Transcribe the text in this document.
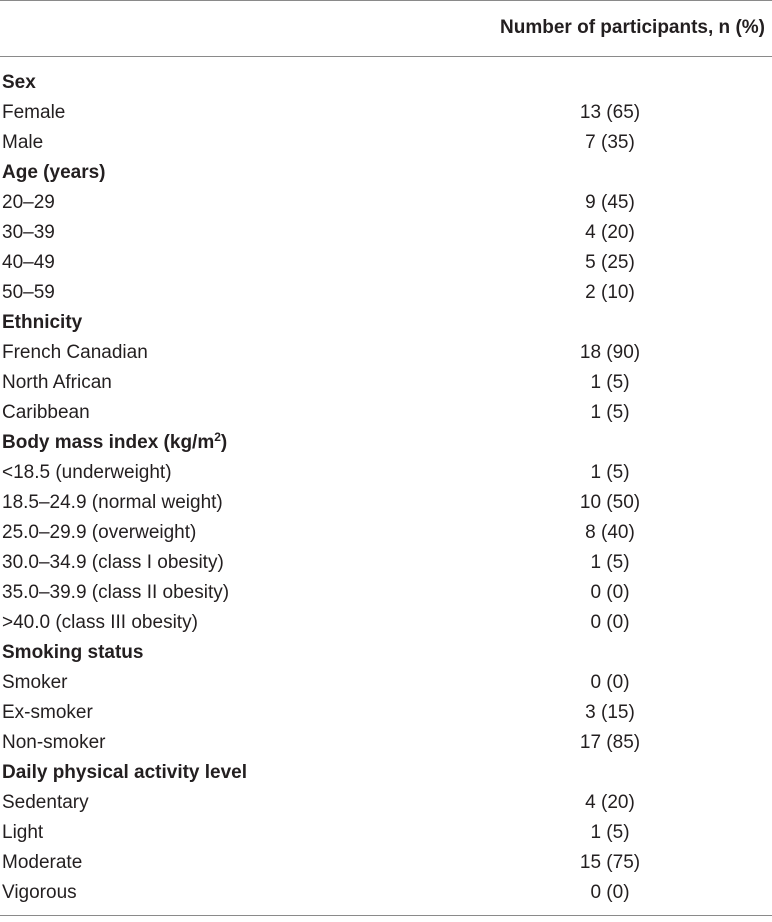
Number of participants, n (%)
Sex
Female	13 (65)
Male	7 (35)
Age (years)
20–29	9 (45)
30–39	4 (20)
40–49	5 (25)
50–59	2 (10)
Ethnicity
French Canadian	18 (90)
North African	1 (5)
Caribbean	1 (5)
Body mass index $(kg/m^2)$
<18.5 (underweight)	1 (5)
18.5–24.9 (normal weight)	10 (50)
25.0–29.9 (overweight)	8 (40)
30.0–34.9 (class I obesity)	1 (5)
35.0–39.9 (class II obesity)	0 (0)
>40.0 (class III obesity)	0 (0)
Smoking status
Smoker	0 (0)
Ex-smoker	3 (15)
Non-smoker	17 (85)
Daily physical activity level
Sedentary	4 (20)
Light	1 (5)
Moderate	15 (75)
Vigorous	0 (0)
